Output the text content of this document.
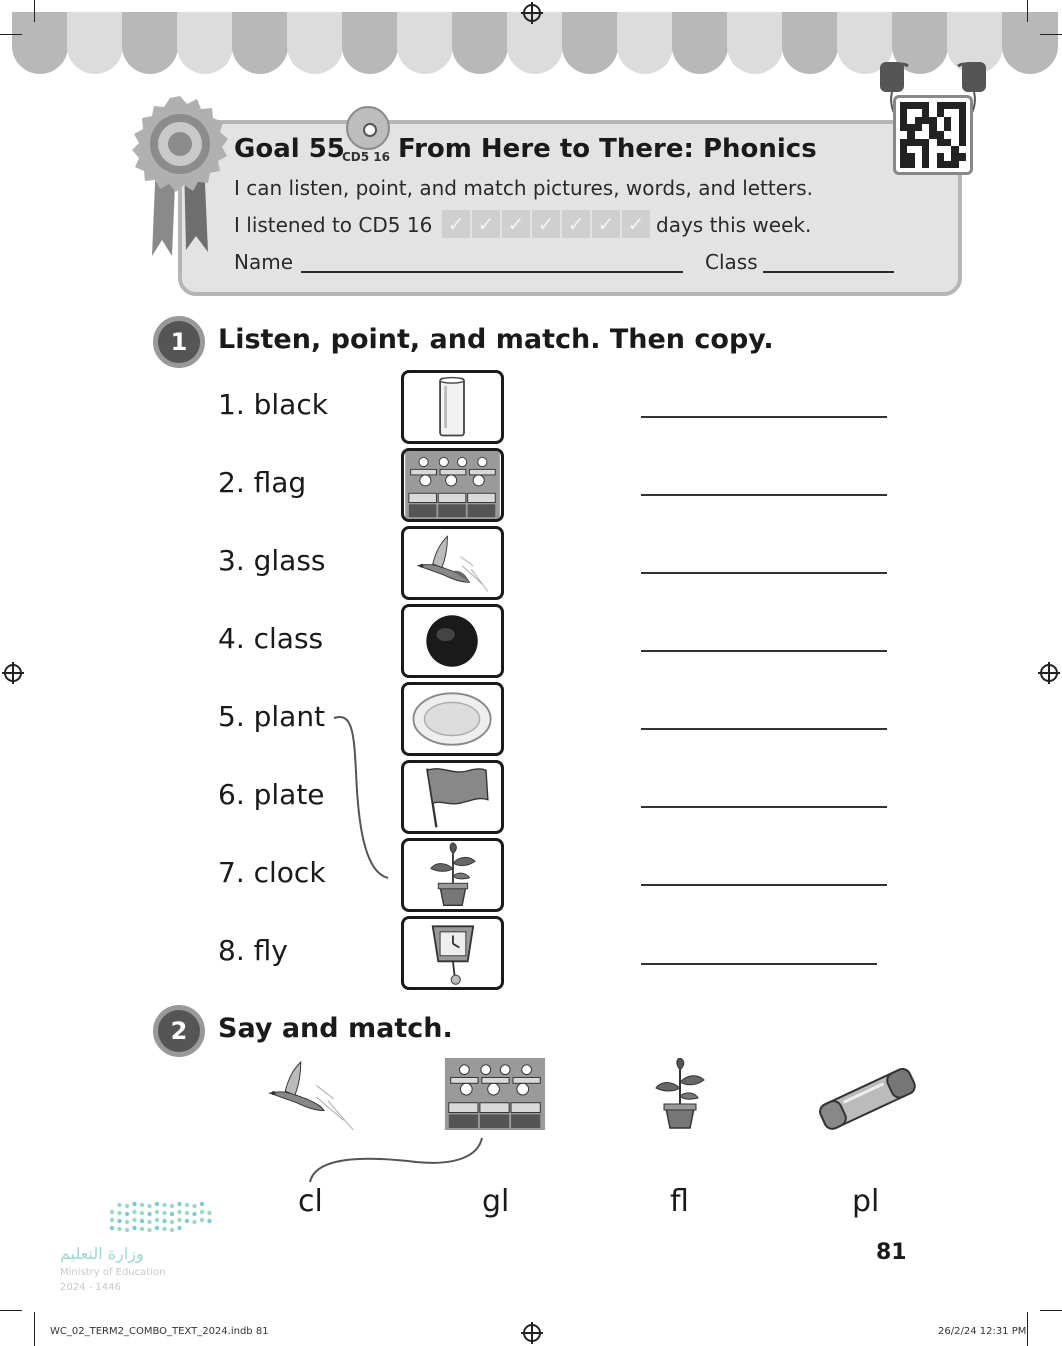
Goal 55
CD5 16 From Here to There: Phonics
I can listen, point, and match pictures, words, and letters.
I listened to CD5 16 ✓ ✓ ✓ ✓ ✓ ✓ ✓ days this week.
Name	Class
1	Listen, point, and match. Then copy.
1. black
2. flag
3. glass
4. class
5. plant
6. plate
7. clock
8. fly
2	Say and match.
cl	gl	fl	pl
81
وزارة التعليم
Ministry of Education
2024 - 1446
WC_02_TERM2_COMBO_TEXT_2024.indb 81	26/2/24 12:31 PM
